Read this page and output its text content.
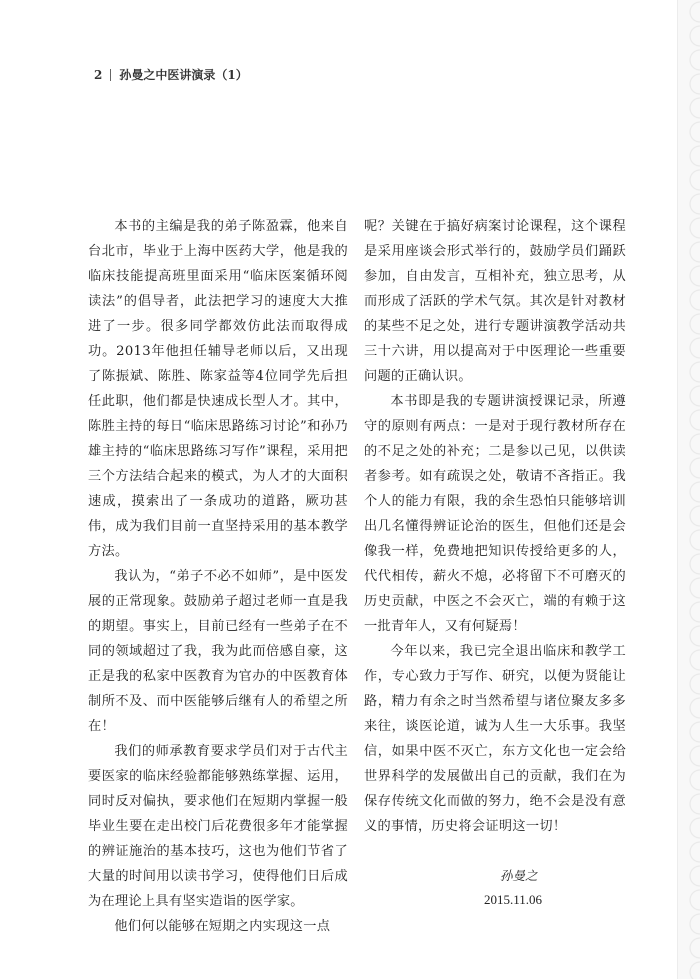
2 孙曼之中医讲演录（1）

本书的主编是我的弟子陈盈霖，他来自台北市，毕业于上海中医药大学，他是我的临床技能提高班里面采用“临床医案循环阅读法”的倡导者，此法把学习的速度大大推进了一步。很多同学都效仿此法而取得成功。2013年他担任辅导老师以后，又出现了陈振斌、陈胜、陈家益等4位同学先后担任此职，他们都是快速成长型人才。其中，陈胜主持的每日“临床思路练习讨论”和孙乃雄主持的“临床思路练习写作”课程，采用把三个方法结合起来的模式，为人才的大面积速成，摸索出了一条成功的道路，厥功甚伟，成为我们目前一直坚持采用的基本教学方法。

我认为，“弟子不必不如师”，是中医发展的正常现象。鼓励弟子超过老师一直是我的期望。事实上，目前已经有一些弟子在不同的领域超过了我，我为此而倍感自豪，这正是我的私家中医教育为官办的中医教育体制所不及、而中医能够后继有人的希望之所在！

我们的师承教育要求学员们对于古代主要医家的临床经验都能够熟练掌握、运用，同时反对偏执，要求他们在短期内掌握一般毕业生要在走出校门后花费很多年才能掌握的辨证施治的基本技巧，这也为他们节省了大量的时间用以读书学习，使得他们日后成为在理论上具有坚实造诣的医学家。

他们何以能够在短期之内实现这一点

呢？关键在于搞好病案讨论课程，这个课程是采用座谈会形式举行的，鼓励学员们踊跃参加，自由发言，互相补充，独立思考，从而形成了活跃的学术气氛。其次是针对教材的某些不足之处，进行专题讲演教学活动共三十六讲，用以提高对于中医理论一些重要问题的正确认识。

本书即是我的专题讲演授课记录，所遵守的原则有两点：一是对于现行教材所存在的不足之处的补充；二是参以己见，以供读者参考。如有疏误之处，敬请不吝指正。我个人的能力有限，我的余生恐怕只能够培训出几名懂得辨证论治的医生，但他们还是会像我一样，免费地把知识传授给更多的人，代代相传，薪火不熄，必将留下不可磨灭的历史贡献，中医之不会灭亡，端的有赖于这一批青年人，又有何疑焉！

今年以来，我已完全退出临床和教学工作，专心致力于写作、研究，以便为贤能让路，精力有余之时当然希望与诸位聚友多多来往，谈医论道，诚为人生一大乐事。我坚信，如果中医不灭亡，东方文化也一定会给世界科学的发展做出自己的贡献，我们在为保存传统文化而做的努力，绝不会是没有意义的事情，历史将会证明这一切！

孙曼之
2015.11.06
